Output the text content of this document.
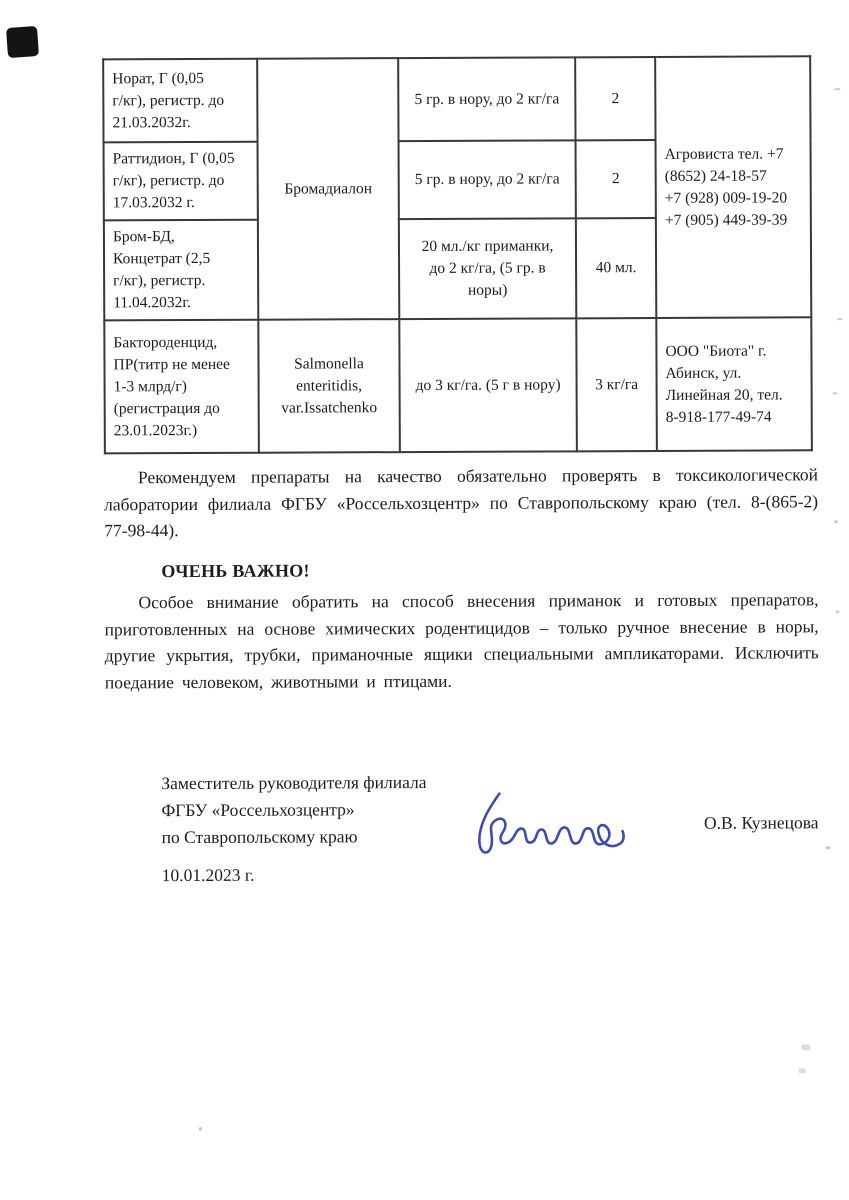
Норат, Г (0,05
г/кг), регистр. до
21.03.2032г.	Бромадиалон	5 гр. в нору, до 2 кг/га	2	Агровиста тел. +7
(8652) 24-18-57
+7 (928) 009-19-20
+7 (905) 449-39-39
Раттидион, Г (0,05
г/кг), регистр. до
17.03.2032 г.		5 гр. в нору, до 2 кг/га	2	
Бром-БД,
Концетрат (2,5
г/кг), регистр.
11.04.2032г.		20 мл./кг приманки,
до 2 кг/га, (5 гр. в
норы)	40 мл.	
Бактороденцид,
ПР(титр не менее
1-3 млрд/г)
(регистрация до
23.01.2023г.)	Salmonella
enteritidis,
var.Issatchenko	до 3 кг/га. (5 г в нору)	3 кг/га	ООО "Биота" г.
Абинск, ул.
Линейная 20, тел.
8-918-177-49-74

Рекомендуем препараты на качество обязательно проверять в токсикологической лаборатории филиала ФГБУ «Россельхозцентр» по Ставропольскому краю (тел. 8-(865-2) 77-98-44).

ОЧЕНЬ ВАЖНО!

Особое внимание обратить на способ внесения приманок и готовых препаратов, приготовленных на основе химических родентицидов – только ручное внесение в норы, другие укрытия, трубки, приманочные ящики специальными ампликаторами. Исключить поедание человеком, животными и птицами.

Заместитель руководителя филиала
ФГБУ «Россельхозцентр»
по Ставропольскому краю
О.В. Кузнецова
10.01.2023 г.
